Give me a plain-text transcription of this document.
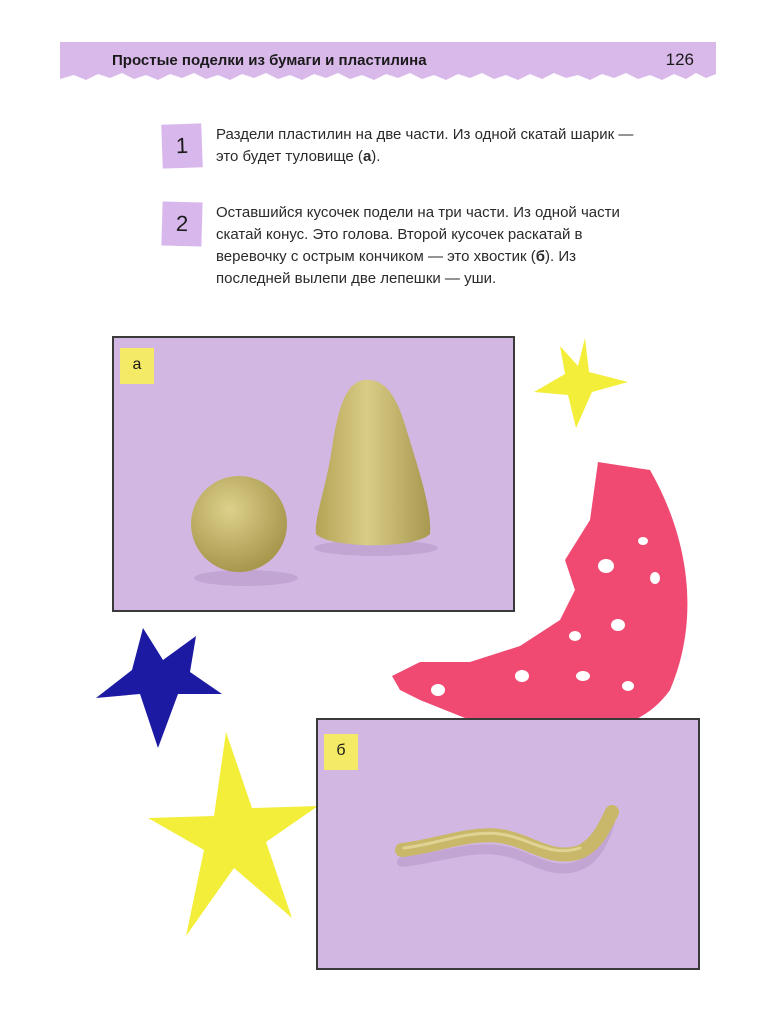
Простые поделки из бумаги и пластилина	126
1	Раздели пластилин на две части. Из одной скатай шарик — это будет туловище (а).
2	Оставшийся кусочек подели на три части. Из одной части скатай конус. Это голова. Второй кусочек раскатай в веревочку с острым кончиком — это хвостик (б). Из последней вылепи две лепешки — уши.
а
б
